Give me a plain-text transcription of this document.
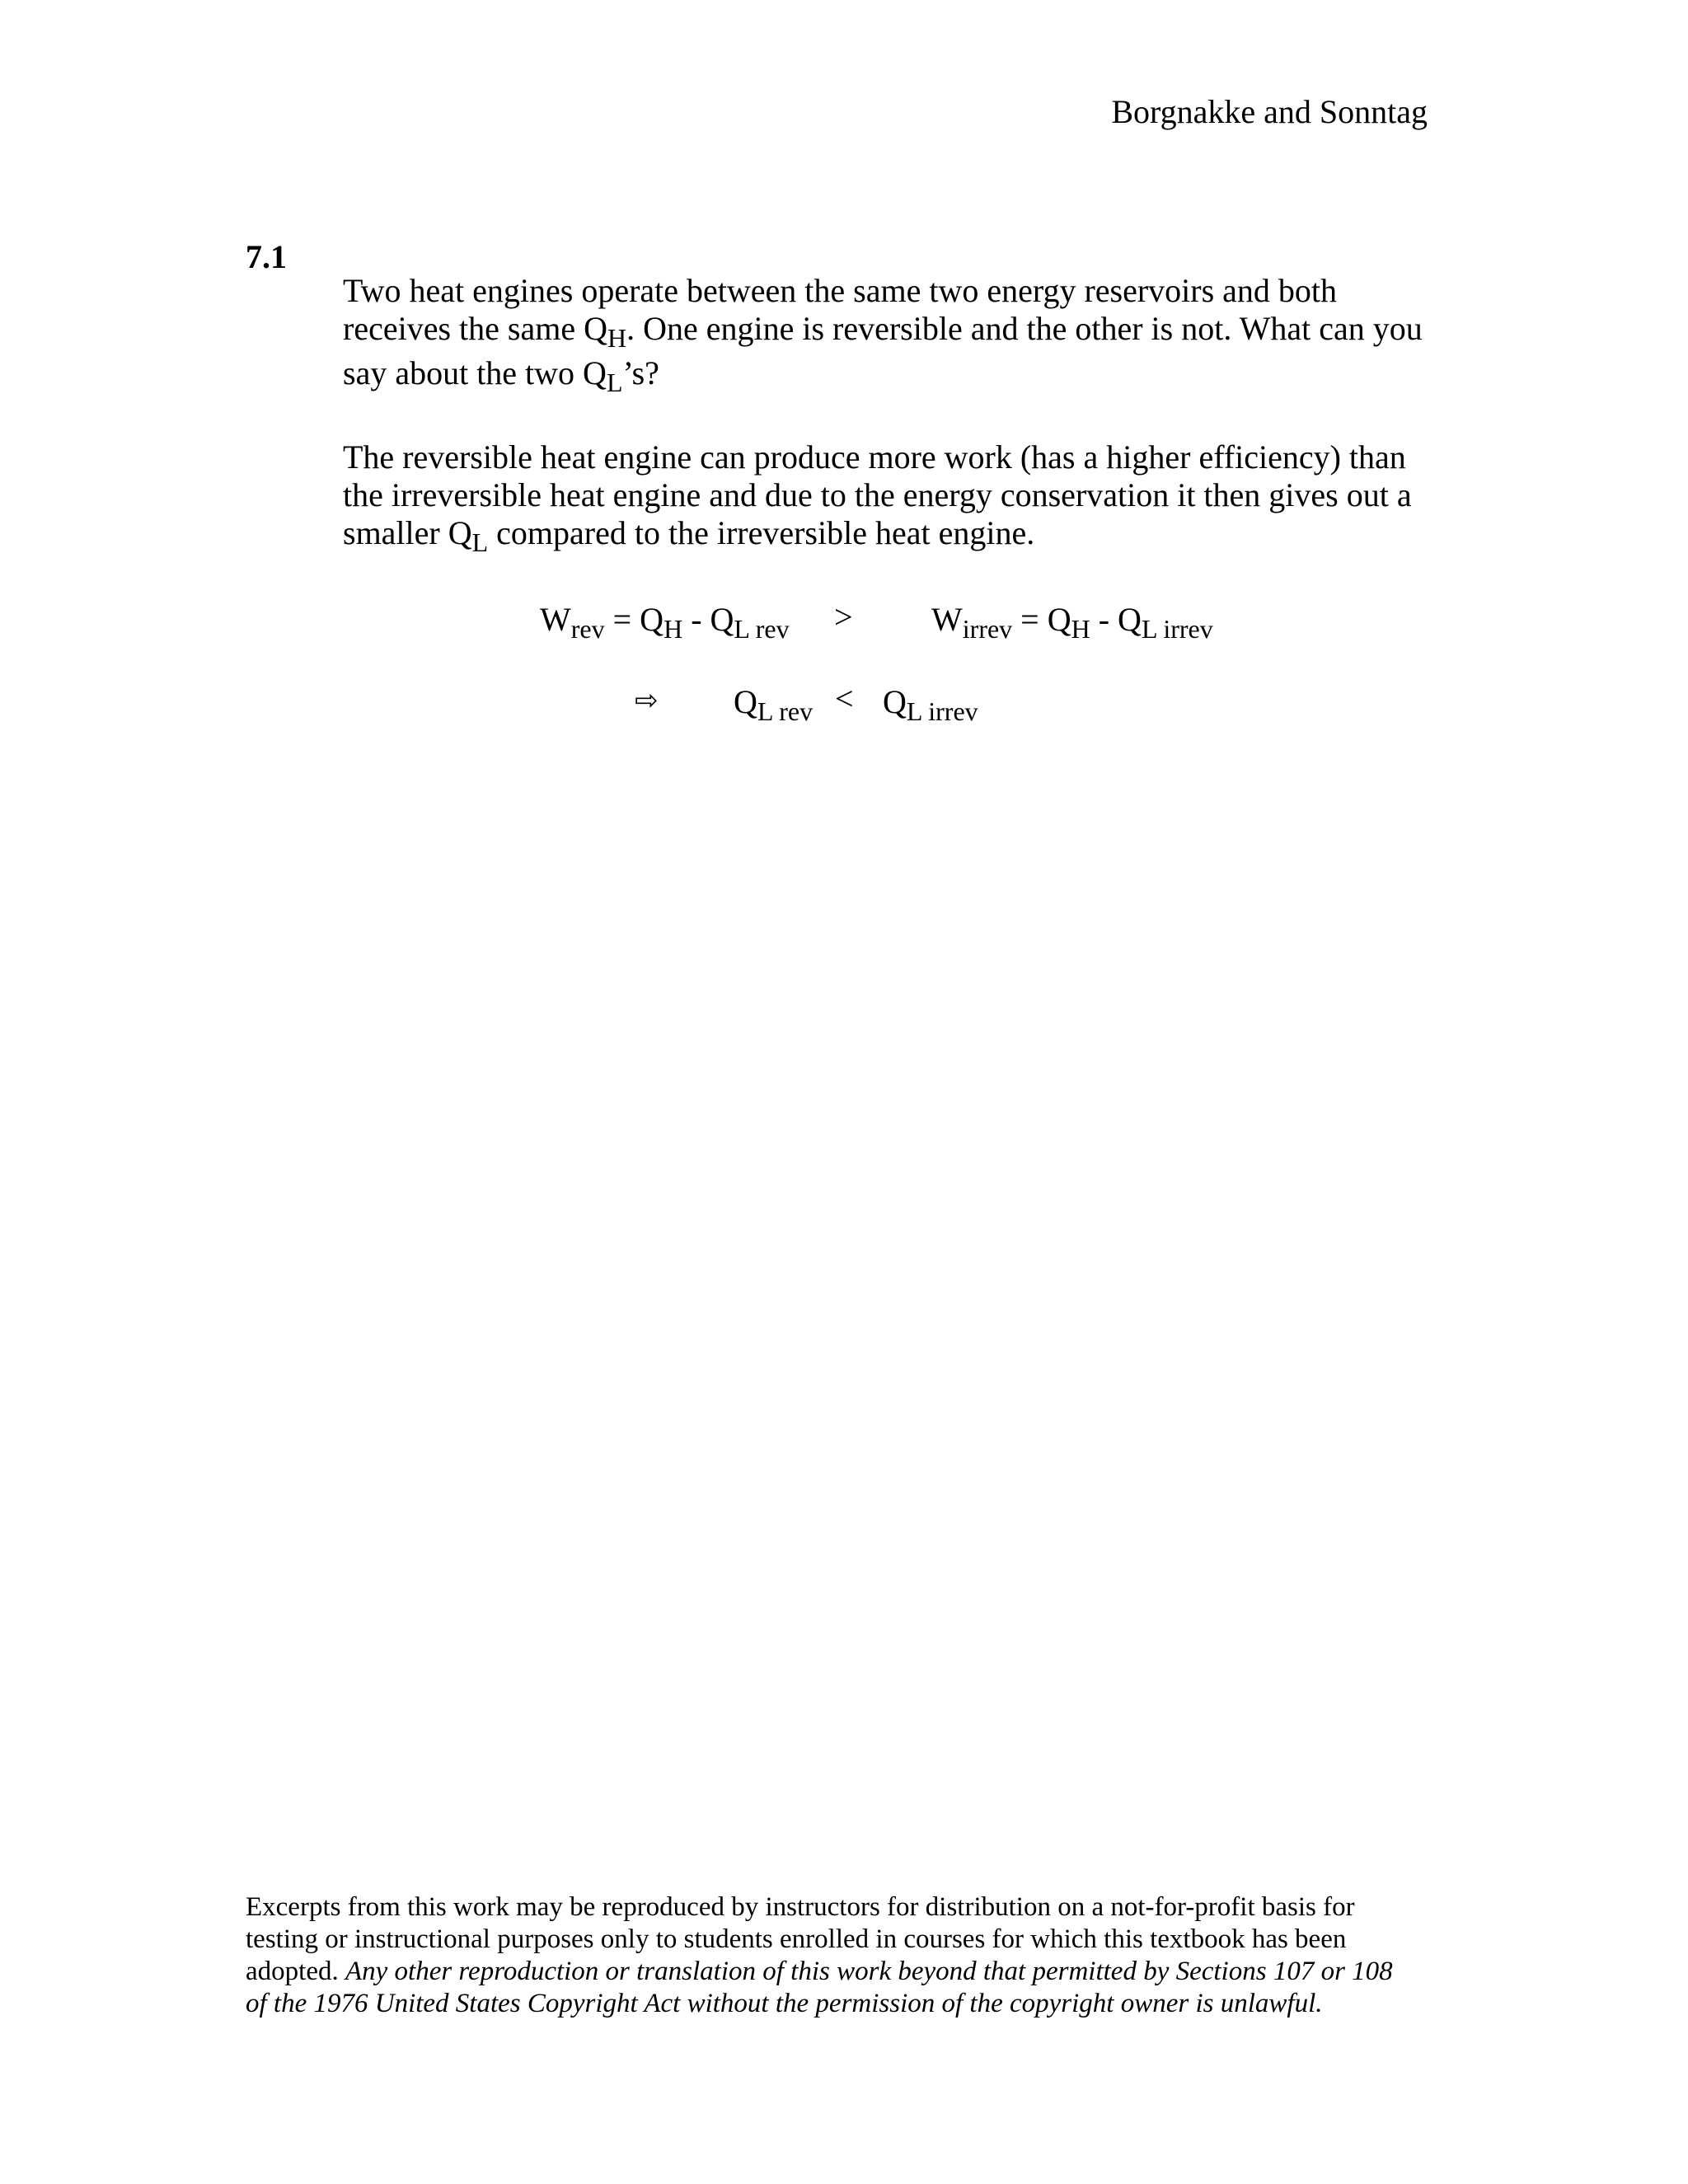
Borgnakke and Sonntag
7.1
Two heat engines operate between the same two energy reservoirs and both
receives the same $Q_H$. One engine is reversible and the other is not. What can you
say about the two $Q_L’s$?
The reversible heat engine can produce more work (has a higher efficiency) than
the irreversible heat engine and due to the energy conservation it then gives out a
smaller $Q_L$ compared to the irreversible heat engine.
$W_{rev} = Q_H - Q_{L rev} > W_{irrev} = Q_H - Q_{L irrev}$
⇨ $Q_{L rev} < Q_{L irrev}$
Excerpts from this work may be reproduced by instructors for distribution on a not-for-profit basis for
testing or instructional purposes only to students enrolled in courses for which this textbook has been
adopted. Any other reproduction or translation of this work beyond that permitted by Sections 107 or 108
of the 1976 United States Copyright Act without the permission of the copyright owner is unlawful.
